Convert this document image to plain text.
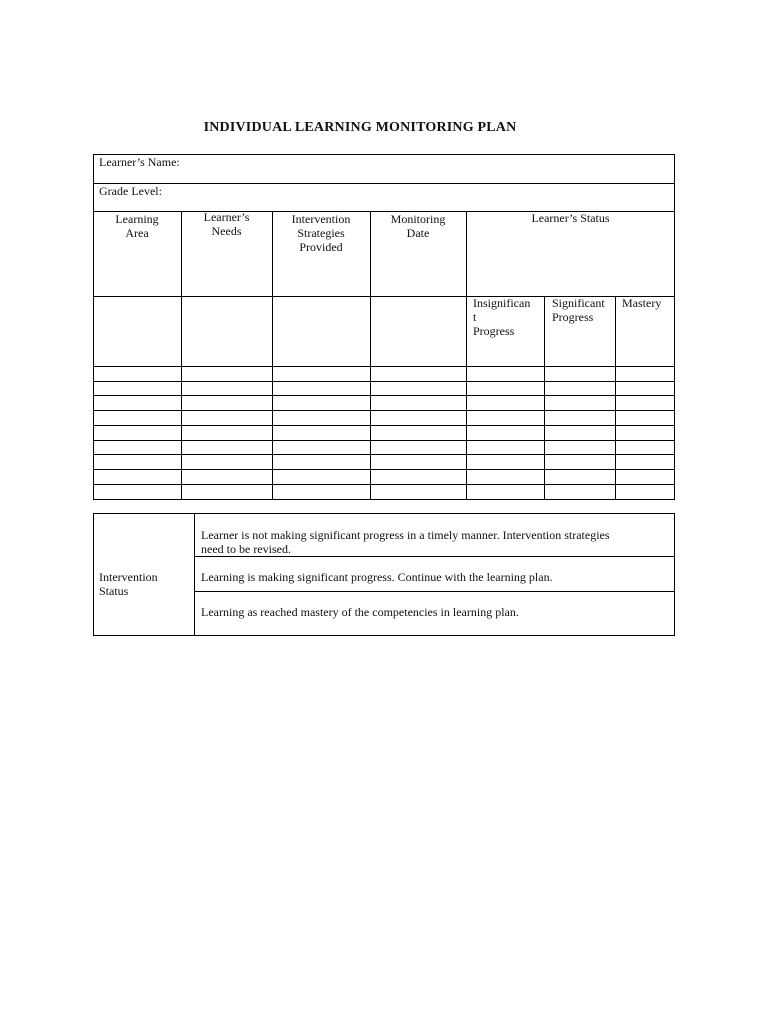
INDIVIDUAL LEARNING MONITORING PLAN
Learner’s Name:
Grade Level:
Learning
Area
Learner’s
Needs
Intervention
Strategies
Provided
Monitoring
Date
Learner’s Status
Insignifican
t
Progress
Significant
Progress
Mastery
Intervention
Status
Learner is not making significant progress in a timely manner. Intervention strategies need to be revised.
Learning is making significant progress. Continue with the learning plan.
Learning as reached mastery of the competencies in learning plan.
